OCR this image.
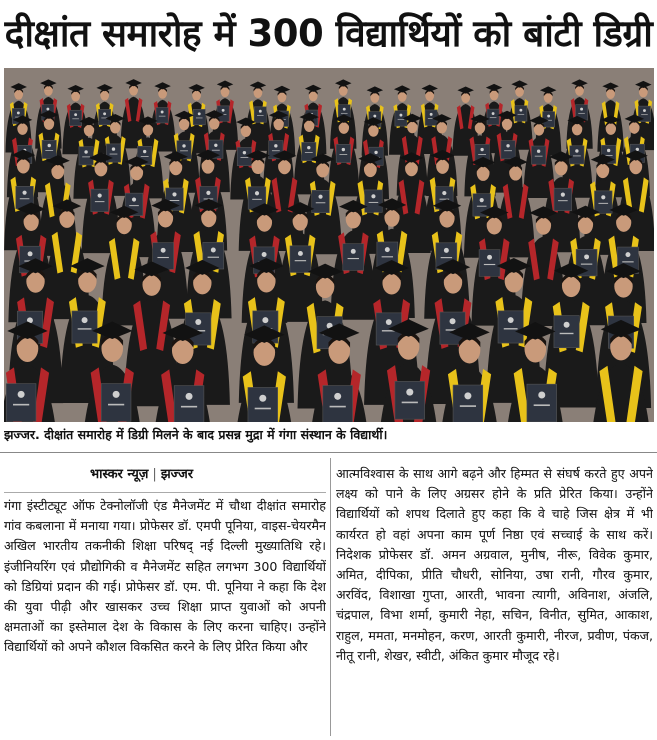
दीक्षांत समारोह में 300 विद्यार्थियों को बांटी डिग्री
झज्जर. दीक्षांत समारोह में डिग्री मिलने के बाद प्रसन्न मुद्रा में गंगा संस्थान के विद्यार्थी।
भास्कर न्यूज़ | झज्जर
गंगा इंस्टीट्यूट ऑफ टेक्नोलॉजी एंड मैनेजमेंट में चौथा दीक्षांत समारोह गांव कबलाना में मनाया गया। प्रोफेसर डॉ. एमपी पूनिया, वाइस-चेयरमैन अखिल भारतीय तकनीकी शिक्षा परिषद् नई दिल्ली मुख्यातिथि रहे। इंजीनियरिंग एवं प्रौद्योगिकी व मैनेजमेंट सहित लगभग 300 विद्यार्थियों को डिग्रियां प्रदान की गई। प्रोफेसर डॉ. एम. पी. पूनिया ने कहा कि देश की युवा पीढ़ी और खासकर उच्च शिक्षा प्राप्त युवाओं को अपनी क्षमताओं का इस्तेमाल देश के विकास के लिए करना चाहिए। उन्होंने विद्यार्थियों को अपने कौशल विकसित करने के लिए प्रेरित किया और
आत्मविश्वास के साथ आगे बढ़ने और हिम्मत से संघर्ष करते हुए अपने लक्ष्य को पाने के लिए अग्रसर होने के प्रति प्रेरित किया। उन्होंने विद्यार्थियों को शपथ दिलाते हुए कहा कि वे चाहे जिस क्षेत्र में भी कार्यरत हो वहां अपना काम पूर्ण निष्ठा एवं सच्चाई के साथ करें। निदेशक प्रोफेसर डॉ. अमन अग्रवाल, मुनीष, नीरू, विवेक कुमार, अमित, दीपिका, प्रीति चौधरी, सोनिया, उषा रानी, गौरव कुमार, अरविंद, विशाखा गुप्ता, आरती, भावना त्यागी, अविनाश, अंजलि, चंद्रपाल, विभा शर्मा, कुमारी नेहा, सचिन, विनीत, सुमित, आकाश, राहुल, ममता, मनमोहन, करण, आरती कुमारी, नीरज, प्रवीण, पंकज, नीतू रानी, शेखर, स्वीटी, अंकित कुमार मौजूद रहे।
